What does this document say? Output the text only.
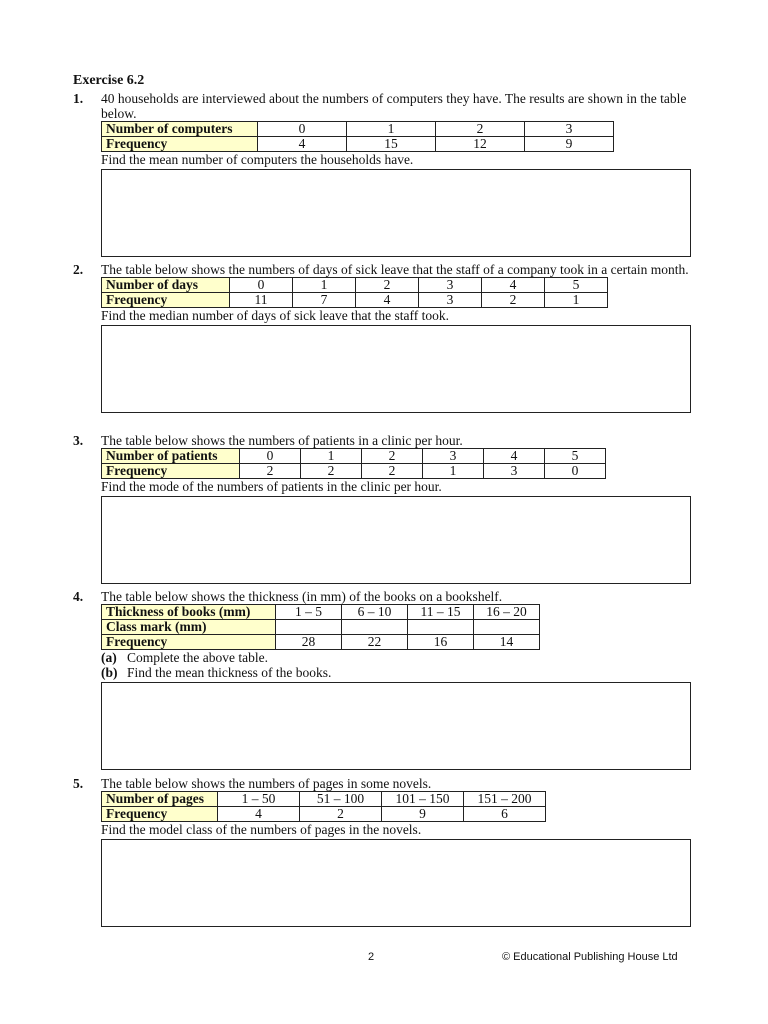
Exercise 6.2
1. 40 households are interviewed about the numbers of computers they have. The results are shown in the table below.
Number of computers	0	1	2	3
Frequency	4	15	12	9
Find the mean number of computers the households have.
2. The table below shows the numbers of days of sick leave that the staff of a company took in a certain month.
Number of days	0	1	2	3	4	5
Frequency	11	7	4	3	2	1
Find the median number of days of sick leave that the staff took.
3. The table below shows the numbers of patients in a clinic per hour.
Number of patients	0	1	2	3	4	5
Frequency	2	2	2	1	3	0
Find the mode of the numbers of patients in the clinic per hour.
4. The table below shows the thickness (in mm) of the books on a bookshelf.
Thickness of books (mm)	1 – 5	6 – 10	11 – 15	16 – 20
Class mark (mm)				
Frequency	28	22	16	14
(a) Complete the above table.
(b) Find the mean thickness of the books.
5. The table below shows the numbers of pages in some novels.
Number of pages	1 – 50	51 – 100	101 – 150	151 – 200
Frequency	4	2	9	6
Find the model class of the numbers of pages in the novels.
2	© Educational Publishing House Ltd
